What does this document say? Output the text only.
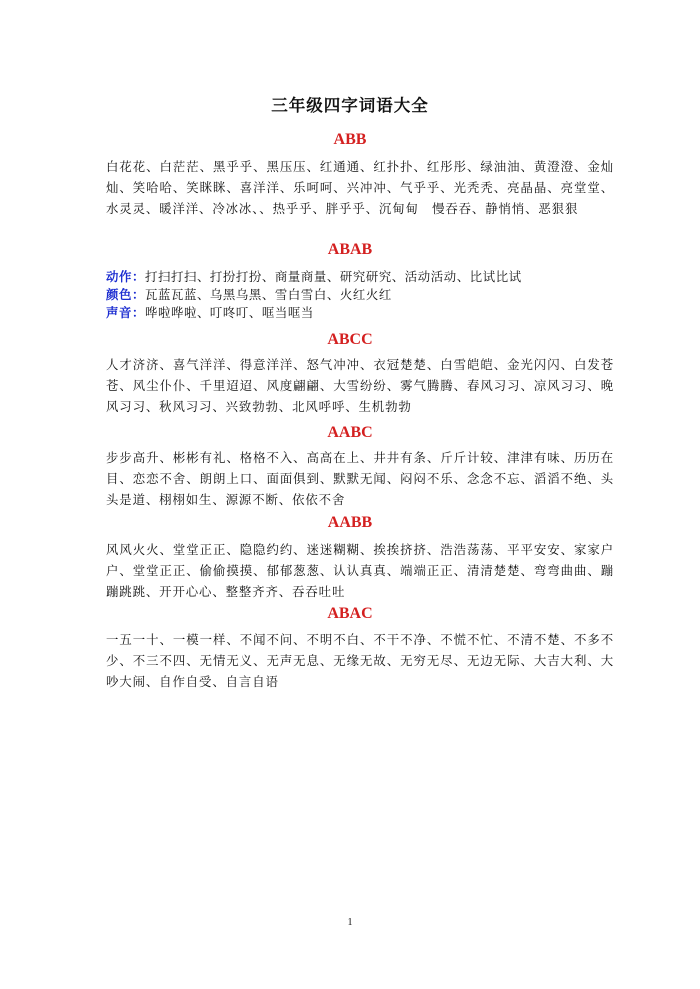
三年级四字词语大全
ABB

白花花、白茫茫、黑乎乎、黑压压、红通通、红扑扑、红彤彤、绿油油、黄澄澄、金灿灿、笑哈哈、笑眯眯、喜洋洋、乐呵呵、兴冲冲、气乎乎、光秃秃、亮晶晶、亮堂堂、水灵灵、暖洋洋、冷冰冰、、热乎乎、胖乎乎、沉甸甸　慢吞吞、静悄悄、恶狠狠

ABAB
动作：打扫打扫、打扮打扮、商量商量、研究研究、活动活动、比试比试
颜色：瓦蓝瓦蓝、乌黑乌黑、雪白雪白、火红火红
声音：哗啦哗啦、叮咚叮、哐当哐当
ABCC

人才济济、喜气洋洋、得意洋洋、怒气冲冲、衣冠楚楚、白雪皑皑、金光闪闪、白发苍苍、风尘仆仆、千里迢迢、风度翩翩、大雪纷纷、雾气腾腾、春风习习、凉风习习、晚风习习、秋风习习、兴致勃勃、北风呼呼、生机勃勃

AABC

步步高升、彬彬有礼、格格不入、高高在上、井井有条、斤斤计较、津津有味、历历在目、恋恋不舍、朗朗上口、面面俱到、默默无闻、闷闷不乐、念念不忘、滔滔不绝、头头是道、栩栩如生、源源不断、依依不舍

AABB

风风火火、堂堂正正、隐隐约约、迷迷糊糊、挨挨挤挤、浩浩荡荡、平平安安、家家户户、堂堂正正、偷偷摸摸、郁郁葱葱、认认真真、端端正正、清清楚楚、弯弯曲曲、蹦蹦跳跳、开开心心、整整齐齐、吞吞吐吐

ABAC

一五一十、一模一样、不闻不问、不明不白、不干不净、不慌不忙、不清不楚、不多不少、不三不四、无情无义、无声无息、无缘无故、无穷无尽、无边无际、大吉大利、大吵大闹、自作自受、自言自语

1
